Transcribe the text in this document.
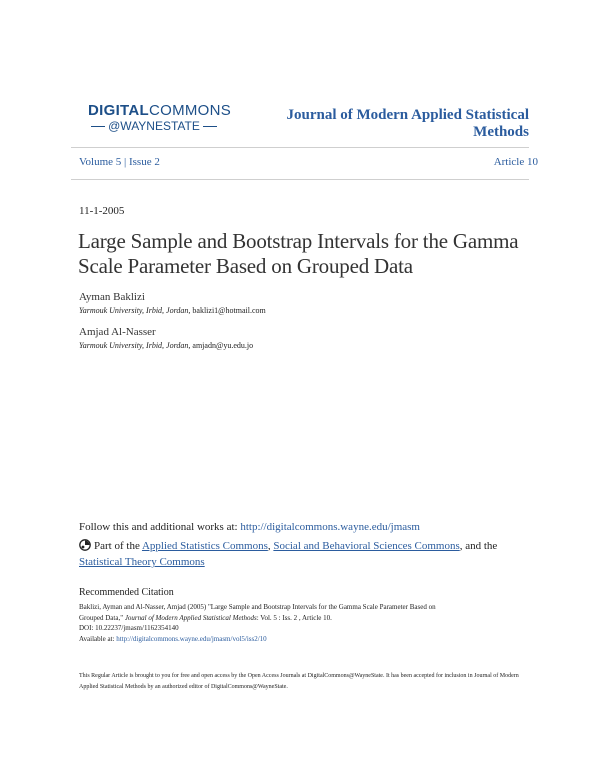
DIGITALCOMMONS
@WAYNESTATE
Journal of Modern Applied Statistical Methods
Volume 5 | Issue 2	Article 10
11-1-2005
Large Sample and Bootstrap Intervals for the Gamma Scale Parameter Based on Grouped Data
Ayman Baklizi
Yarmouk University, Irbid, Jordan, baklizi1@hotmail.com
Amjad Al-Nasser
Yarmouk University, Irbid, Jordan, amjadn@yu.edu.jo
Follow this and additional works at: http://digitalcommons.wayne.edu/jmasm
Part of the Applied Statistics Commons, Social and Behavioral Sciences Commons, and the
Statistical Theory Commons
Recommended Citation
Baklizi, Ayman and Al-Nasser, Amjad (2005) "Large Sample and Bootstrap Intervals for the Gamma Scale Parameter Based on
Grouped Data," Journal of Modern Applied Statistical Methods: Vol. 5 : Iss. 2 , Article 10.
DOI: 10.22237/jmasm/1162354140
Available at: http://digitalcommons.wayne.edu/jmasm/vol5/iss2/10
This Regular Article is brought to you for free and open access by the Open Access Journals at DigitalCommons@WayneState. It has been accepted for inclusion in Journal of Modern Applied Statistical Methods by an authorized editor of DigitalCommons@WayneState.
